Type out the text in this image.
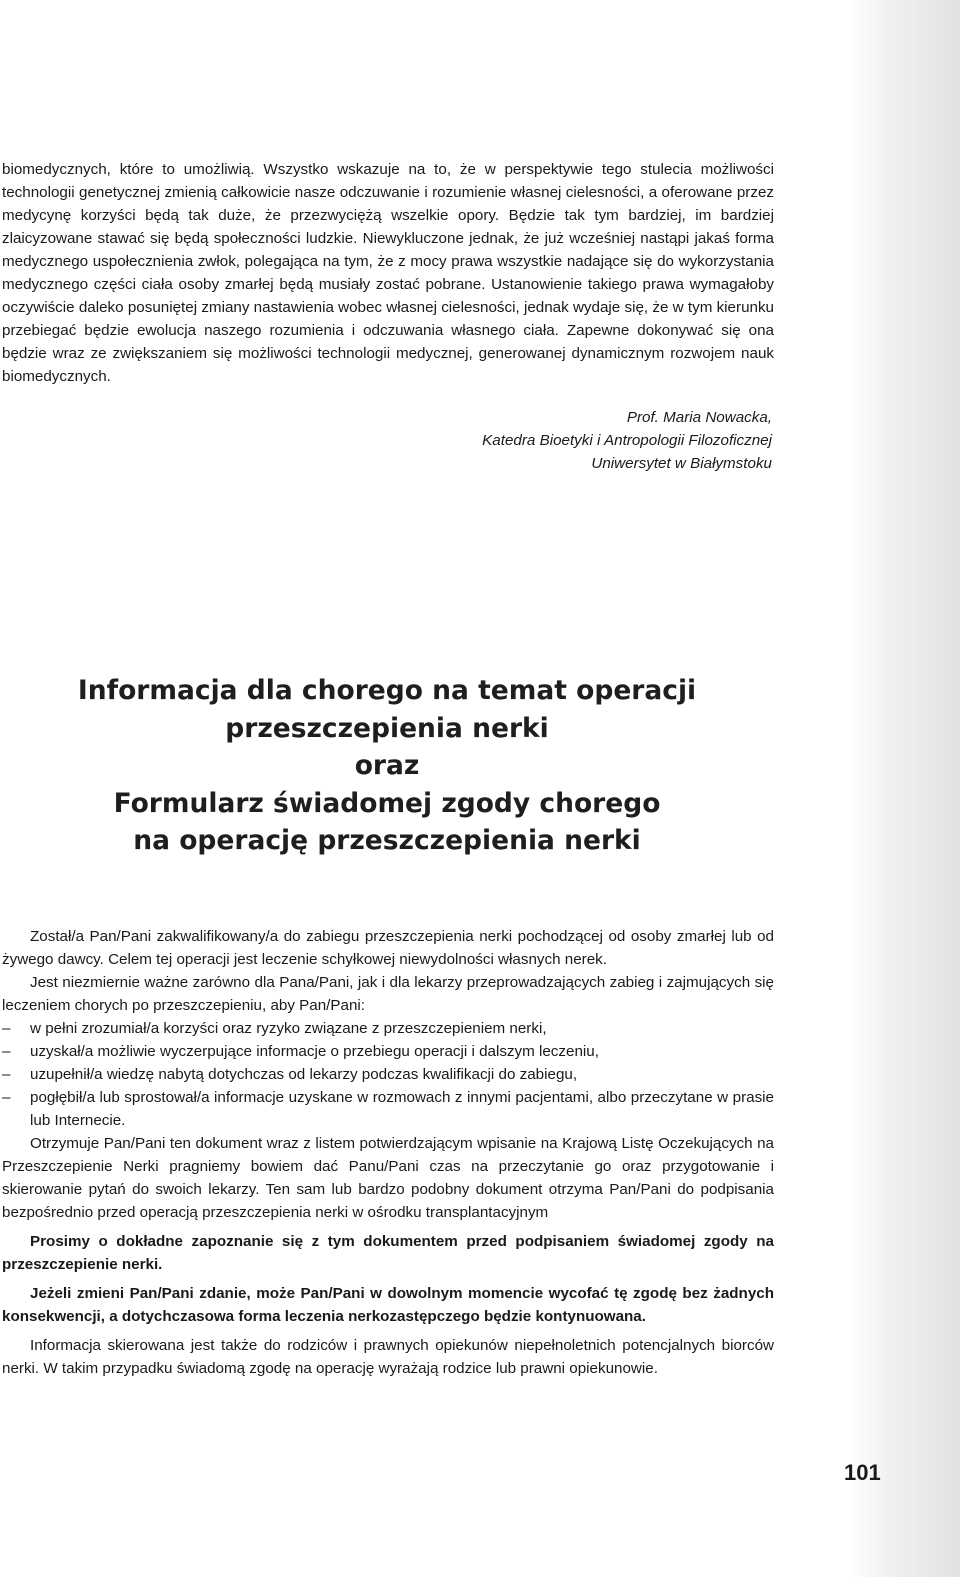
biomedycznych, które to umożliwią. Wszystko wskazuje na to, że w perspektywie tego stulecia możliwości technologii genetycznej zmienią całkowicie nasze odczuwanie i rozumienie własnej cielesności, a oferowane przez medycynę korzyści będą tak duże, że przezwyciężą wszelkie opory. Będzie tak tym bardziej, im bardziej zlaicyzowane stawać się będą społeczności ludzkie. Niewykluczone jednak, że już wcześniej nastąpi jakaś forma medycznego uspołecznienia zwłok, polegająca na tym, że z mocy prawa wszystkie nadające się do wykorzystania medycznego części ciała osoby zmarłej będą musiały zostać pobrane. Ustanowienie takiego prawa wymagałoby oczywiście daleko posuniętej zmiany nastawienia wobec własnej cielesności, jednak wydaje się, że w tym kierunku przebiegać będzie ewolucja naszego rozumienia i odczuwania własnego ciała. Zapewne dokonywać się ona będzie wraz ze zwiększaniem się możliwości technologii medycznej, generowanej dynamicznym rozwojem nauk biomedycznych.

Prof. Maria Nowacka,
Katedra Bioetyki i Antropologii Filozoficznej
Uniwersytet w Białymstoku
Informacja dla chorego na temat operacji
przeszczepienia nerki
oraz
Formularz świadomej zgody chorego
na operację przeszczepienia nerki

Został/a Pan/Pani zakwalifikowany/a do zabiegu przeszczepienia nerki pochodzącej od osoby zmarłej lub od żywego dawcy. Celem tej operacji jest leczenie schyłkowej niewydolności własnych nerek.

Jest niezmiernie ważne zarówno dla Pana/Pani, jak i dla lekarzy przeprowadzających zabieg i zajmujących się leczeniem chorych po przeszczepieniu, aby Pan/Pani:

– w pełni zrozumiał/a korzyści oraz ryzyko związane z przeszczepieniem nerki,
– uzyskał/a możliwie wyczerpujące informacje o przebiegu operacji i dalszym leczeniu,
– uzupełnił/a wiedzę nabytą dotychczas od lekarzy podczas kwalifikacji do zabiegu,
– pogłębił/a lub sprostował/a informacje uzyskane w rozmowach z innymi pacjentami, albo przeczytane w prasie lub Internecie.

Otrzymuje Pan/Pani ten dokument wraz z listem potwierdzającym wpisanie na Krajową Listę Oczekujących na Przeszczepienie Nerki pragniemy bowiem dać Panu/Pani czas na przeczytanie go oraz przygotowanie i skierowanie pytań do swoich lekarzy. Ten sam lub bardzo podobny dokument otrzyma Pan/Pani do podpisania bezpośrednio przed operacją przeszczepienia nerki w ośrodku transplantacyjnym

Prosimy o dokładne zapoznanie się z tym dokumentem przed podpisaniem świadomej zgody na przeszczepienie nerki.

Jeżeli zmieni Pan/Pani zdanie, może Pan/Pani w dowolnym momencie wycofać tę zgodę bez żadnych konsekwencji, a dotychczasowa forma leczenia nerkozastępczego będzie kontynuowana.

Informacja skierowana jest także do rodziców i prawnych opiekunów niepełnoletnich potencjalnych biorców nerki. W takim przypadku świadomą zgodę na operację wyrażają rodzice lub prawni opiekunowie.

101
